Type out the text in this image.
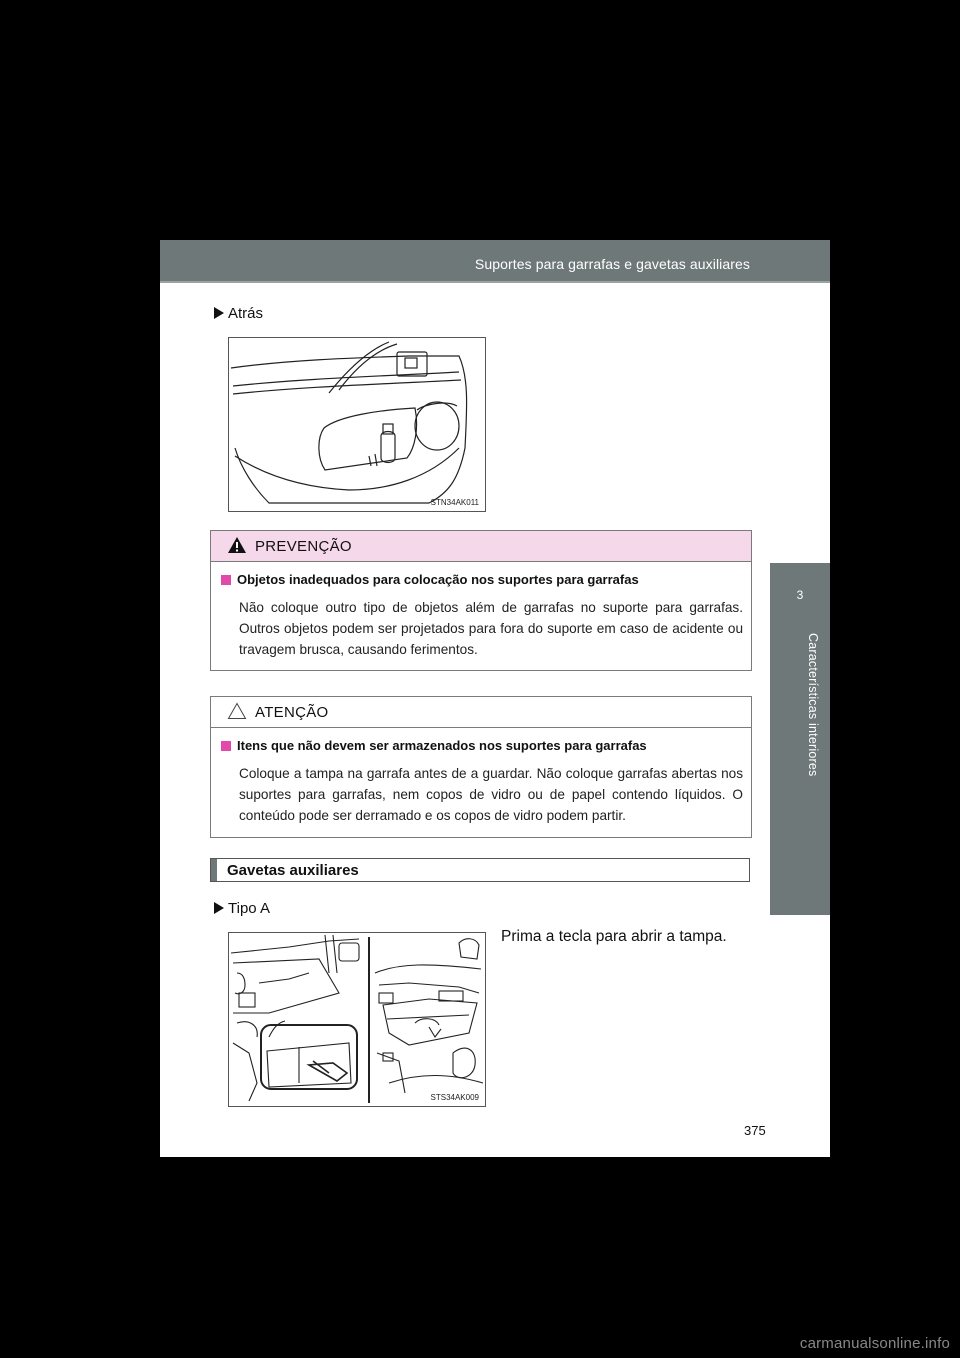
Suportes para garrafas e gavetas auxiliares
3
Características interiores
Atrás
STN34AK011
PREVENÇÃO
Objetos inadequados para colocação nos suportes para garrafas
Não coloque outro tipo de objetos além de garrafas no suporte para garrafas. Outros objetos podem ser projetados para fora do suporte em caso de acidente ou travagem brusca, causando ferimentos.
ATENÇÃO
Itens que não devem ser armazenados nos suportes para garrafas
Coloque a tampa na garrafa antes de a guardar. Não coloque garrafas abertas nos suportes para garrafas, nem copos de vidro ou de papel contendo líquidos. O conteúdo pode ser derramado e os copos de vidro podem partir.
Gavetas auxiliares
Tipo A
Prima a tecla para abrir a tampa.
STS34AK009
375
carmanualsonline.info
